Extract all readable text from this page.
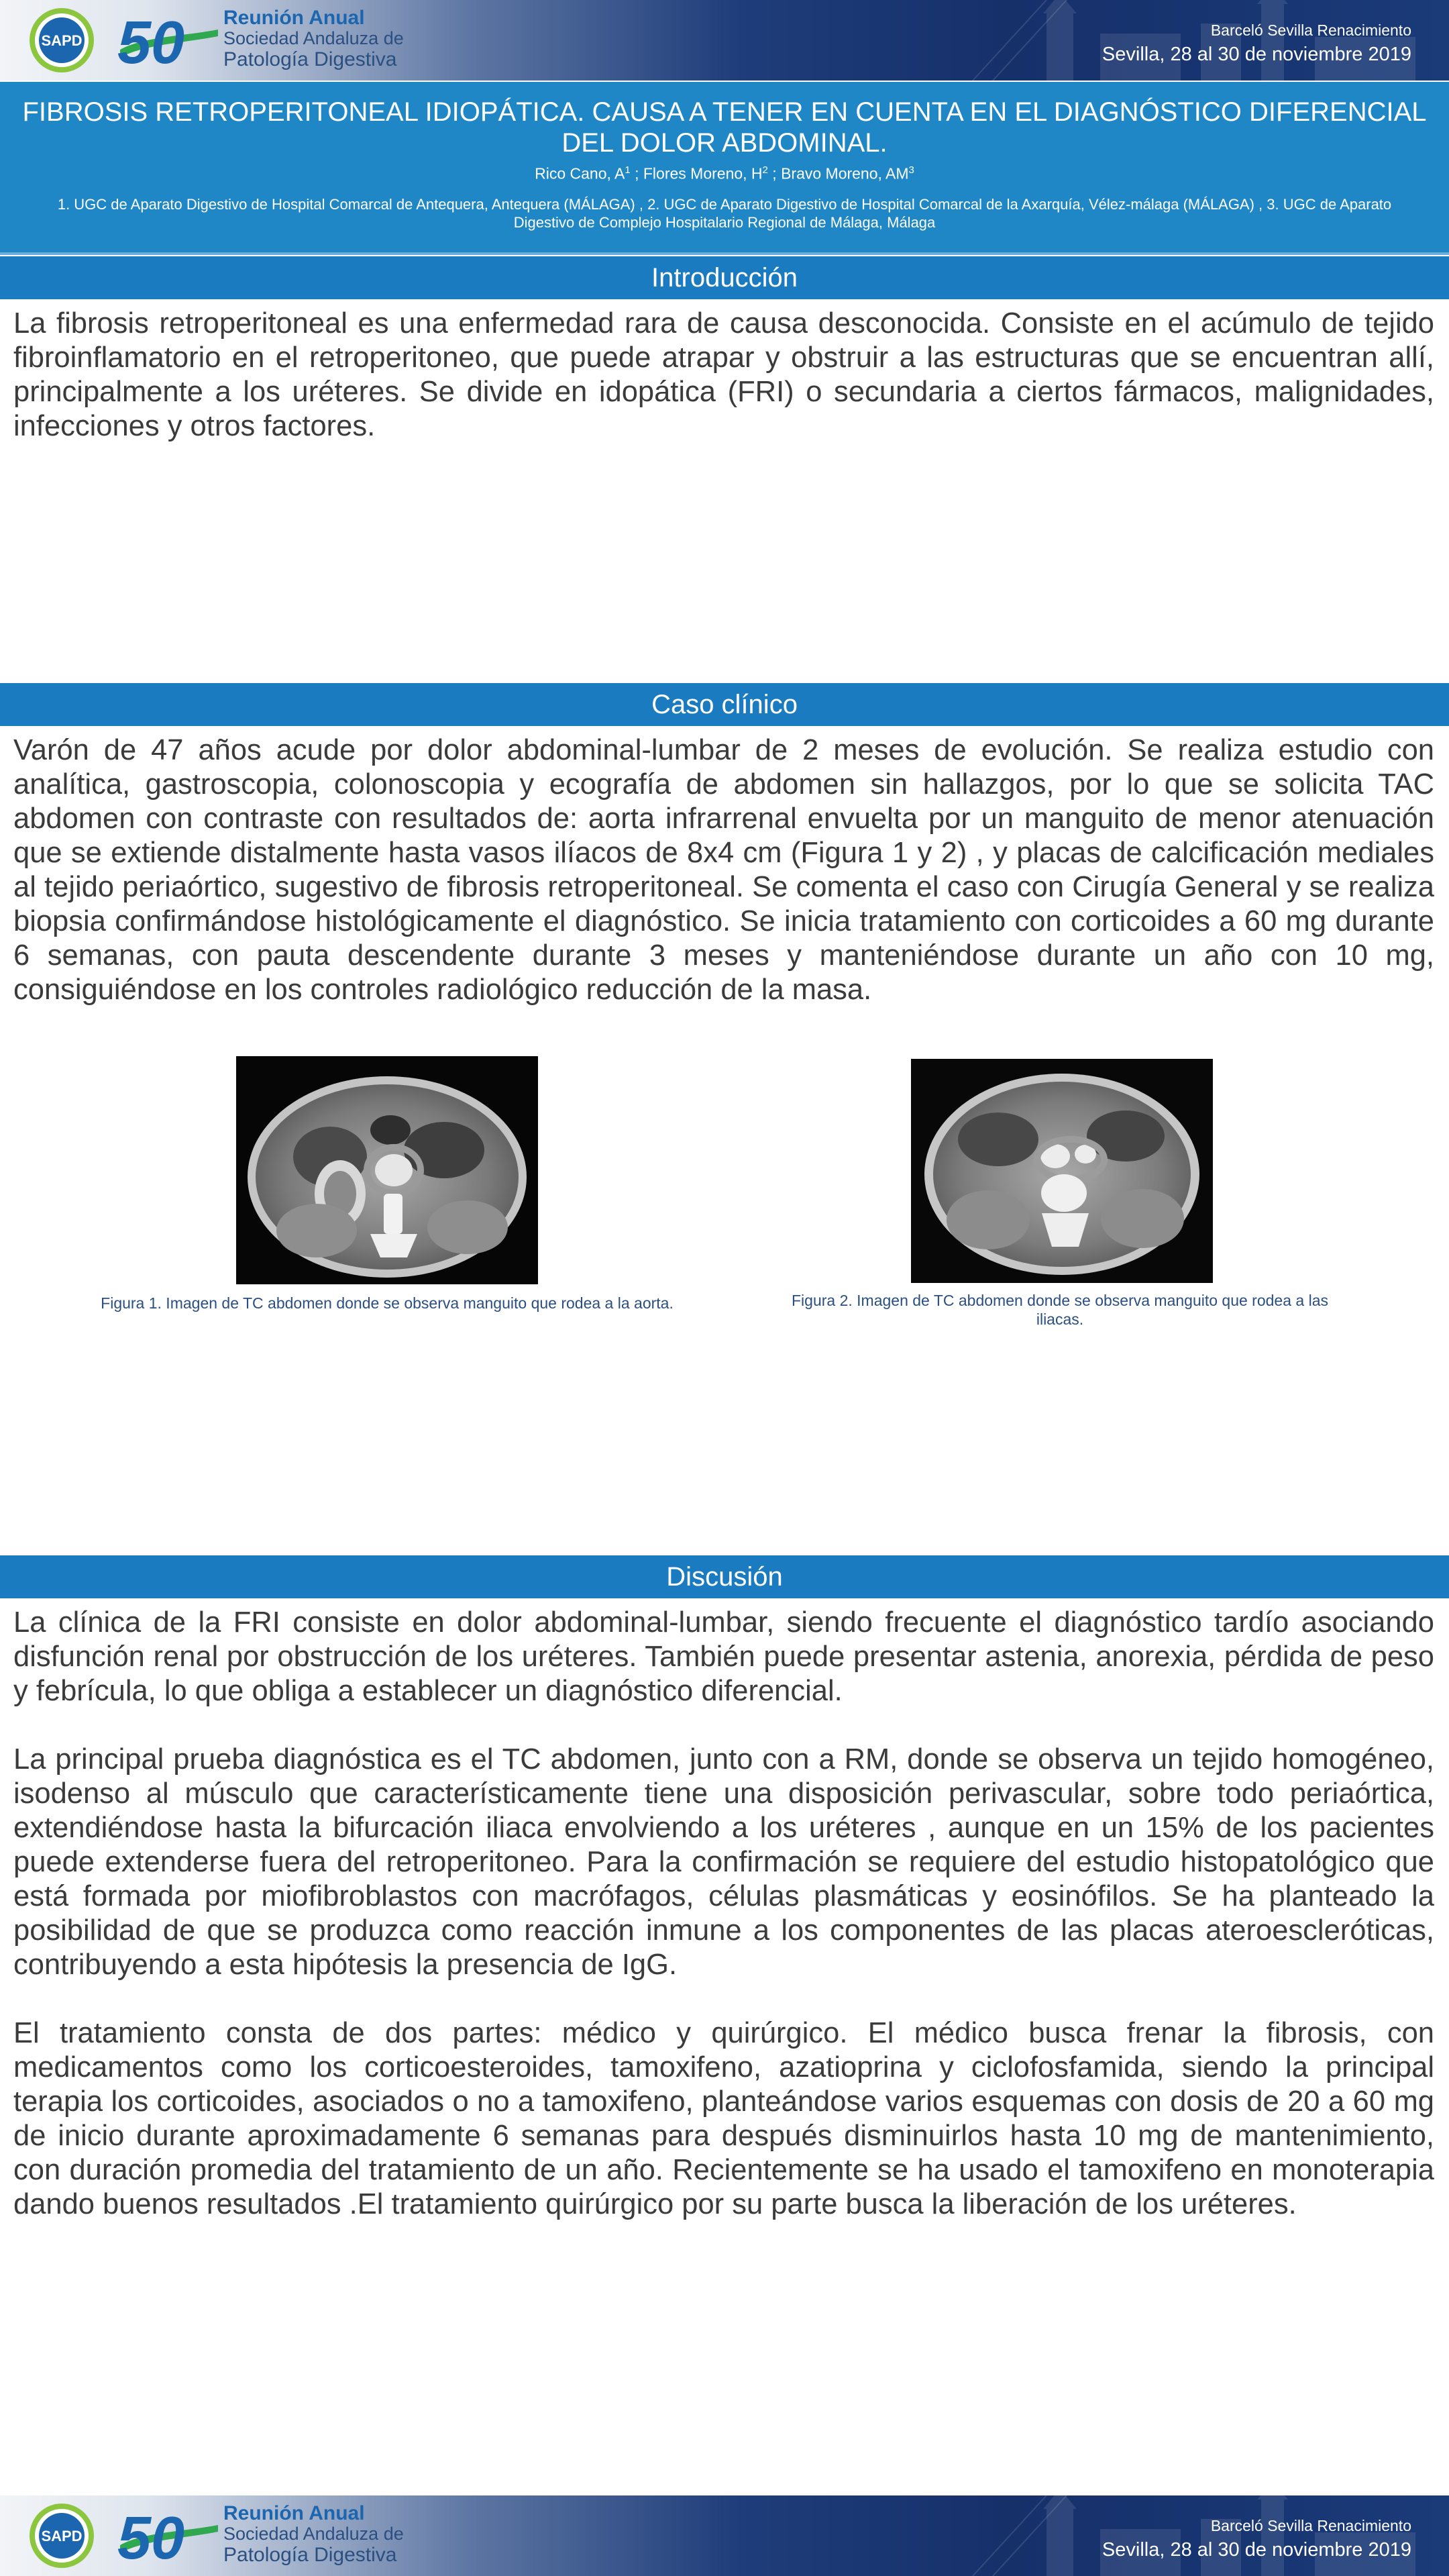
SAPD 50 Reunión Anual
Sociedad Andaluza de
Patología Digestiva
Barceló Sevilla Renacimiento
Sevilla, 28 al 30 de noviembre 2019
FIBROSIS RETROPERITONEAL IDIOPÁTICA. CAUSA A TENER EN CUENTA EN EL DIAGNÓSTICO DIFERENCIAL DEL DOLOR ABDOMINAL.
Rico Cano, $A^1$ ; Flores Moreno, $H^2$ ; Bravo Moreno, $AM^3$
1. UGC de Aparato Digestivo de Hospital Comarcal de Antequera, Antequera (MÁLAGA) , 2. UGC de Aparato Digestivo de Hospital Comarcal de la Axarquía, Vélez-málaga (MÁLAGA) , 3. UGC de Aparato Digestivo de Complejo Hospitalario Regional de Málaga, Málaga
Introducción

La fibrosis retroperitoneal es una enfermedad rara de causa desconocida. Consiste en el acúmulo de tejido fibroinflamatorio en el retroperitoneo, que puede atrapar y obstruir a las estructuras que se encuentran allí, principalmente a los uréteres. Se divide en idopática (FRI) o secundaria a ciertos fármacos, malignidades, infecciones y otros factores.

Caso clínico

Varón de 47 años acude por dolor abdominal-lumbar de 2 meses de evolución. Se realiza estudio con analítica, gastroscopia, colonoscopia y ecografía de abdomen sin hallazgos, por lo que se solicita TAC abdomen con contraste con resultados de: aorta infrarrenal envuelta por un manguito de menor atenuación que se extiende distalmente hasta vasos ilíacos de 8x4 cm (Figura 1 y 2) , y placas de calcificación mediales al tejido periaórtico, sugestivo de fibrosis retroperitoneal. Se comenta el caso con Cirugía General y se realiza biopsia confirmándose histológicamente el diagnóstico. Se inicia tratamiento con corticoides a 60 mg durante 6 semanas, con pauta descendente durante 3 meses y manteniéndose durante un año con 10 mg, consiguiéndose en los controles radiológico reducción de la masa.

Figura 1. Imagen de TC abdomen donde se observa manguito que rodea a la aorta.	Figura 2. Imagen de TC abdomen donde se observa manguito que rodea a las iliacas.
Discusión

La clínica de la FRI consiste en dolor abdominal-lumbar, siendo frecuente el diagnóstico tardío asociando disfunción renal por obstrucción de los uréteres. También puede presentar astenia, anorexia, pérdida de peso y febrícula, lo que obliga a establecer un diagnóstico diferencial.

La principal prueba diagnóstica es el TC abdomen, junto con a RM, donde se observa un tejido homogéneo, isodenso al músculo que característicamente tiene una disposición perivascular, sobre todo periaórtica, extendiéndose hasta la bifurcación iliaca envolviendo a los uréteres , aunque en un 15% de los pacientes puede extenderse fuera del retroperitoneo. Para la confirmación se requiere del estudio histopatológico que está formada por miofibroblastos con macrófagos, células plasmáticas y eosinófilos. Se ha planteado la posibilidad de que se produzca como reacción inmune a los componentes de las placas ateroescleróticas, contribuyendo a esta hipótesis la presencia de IgG.

El tratamiento consta de dos partes: médico y quirúrgico. El médico busca frenar la fibrosis, con medicamentos como los corticoesteroides, tamoxifeno, azatioprina y ciclofosfamida, siendo la principal terapia los corticoides, asociados o no a tamoxifeno, planteándose varios esquemas con dosis de 20 a 60 mg de inicio durante aproximadamente 6 semanas para después disminuirlos hasta 10 mg de mantenimiento, con duración promedia del tratamiento de un año. Recientemente se ha usado el tamoxifeno en monoterapia dando buenos resultados .El tratamiento quirúrgico por su parte busca la liberación de los uréteres.

SAPD 50 Reunión Anual
Sociedad Andaluza de
Patología Digestiva
Barceló Sevilla Renacimiento
Sevilla, 28 al 30 de noviembre 2019
